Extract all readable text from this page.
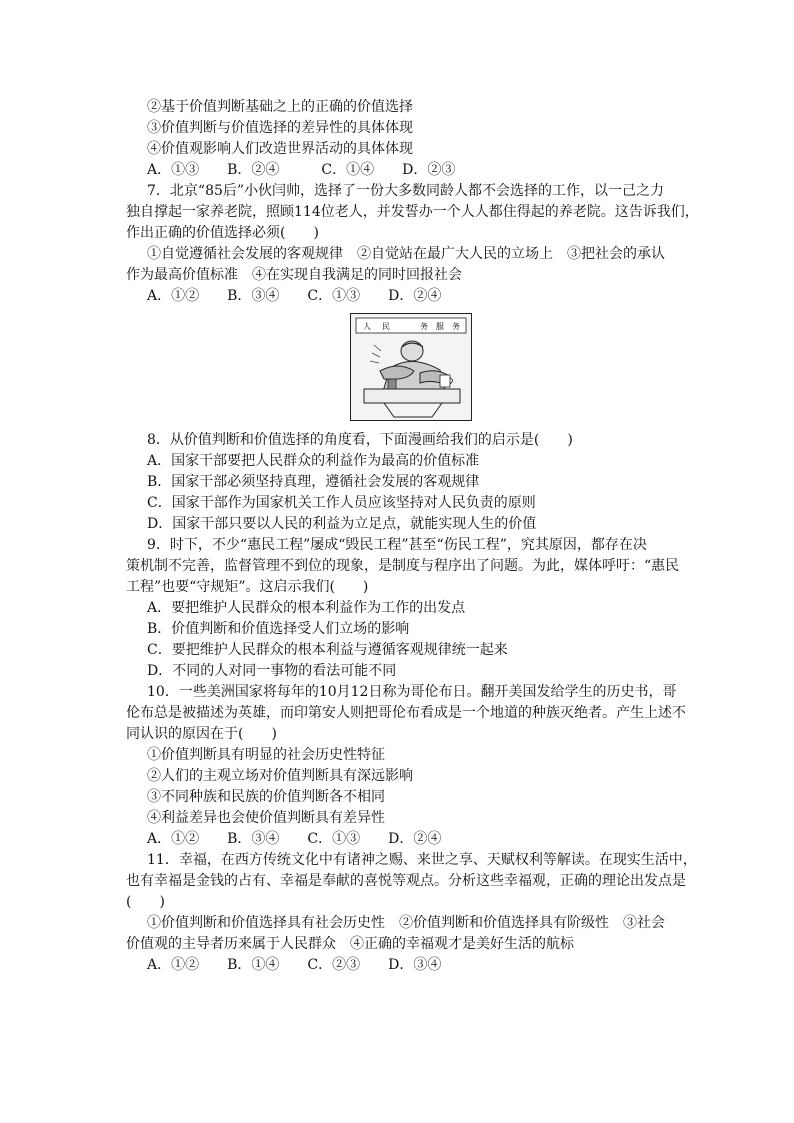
②基于价值判断基础之上的正确的价值选择
③价值判断与价值选择的差异性的具体体现
④价值观影响人们改造世界活动的具体体现
A．①③　　B．②④　　　C．①④　　D．②③
7．北京“85后”小伙闫帅，选择了一份大多数同龄人都不会选择的工作，以一己之力
独自撑起一家养老院，照顾114位老人，并发誓办一个人人都住得起的养老院。这告诉我们，
作出正确的价值选择必须(　　)
①自觉遵循社会发展的客观规律　②自觉站在最广大人民的立场上　③把社会的承认
作为最高价值标准　④在实现自我满足的同时回报社会
A．①②　　B．③④　　C．①③　　D．②④
人 民	务 服 务
8．从价值判断和价值选择的角度看，下面漫画给我们的启示是(　　)
A．国家干部要把人民群众的利益作为最高的价值标准
B．国家干部必须坚持真理，遵循社会发展的客观规律
C．国家干部作为国家机关工作人员应该坚持对人民负责的原则
D．国家干部只要以人民的利益为立足点，就能实现人生的价值
9．时下，不少“惠民工程”屡成“毁民工程”甚至“伤民工程”，究其原因，都存在决
策机制不完善，监督管理不到位的现象，是制度与程序出了问题。为此，媒体呼吁：“惠民
工程”也要“守规矩”。这启示我们(　　)
A．要把维护人民群众的根本利益作为工作的出发点
B．价值判断和价值选择受人们立场的影响
C．要把维护人民群众的根本利益与遵循客观规律统一起来
D．不同的人对同一事物的看法可能不同
10．一些美洲国家将每年的10月12日称为哥伦布日。翻开美国发给学生的历史书，哥
伦布总是被描述为英雄，而印第安人则把哥伦布看成是一个地道的种族灭绝者。产生上述不
同认识的原因在于(　　)
①价值判断具有明显的社会历史性特征
②人们的主观立场对价值判断具有深远影响
③不同种族和民族的价值判断各不相同
④利益差异也会使价值判断具有差异性
A．①②　　B．③④　　C．①③　　D．②④
11．幸福，在西方传统文化中有诸神之赐、来世之享、天赋权利等解读。在现实生活中，
也有幸福是金钱的占有、幸福是奉献的喜悦等观点。分析这些幸福观，正确的理论出发点是
(　　)
①价值判断和价值选择具有社会历史性　②价值判断和价值选择具有阶级性　③社会
价值观的主导者历来属于人民群众　④正确的幸福观才是美好生活的航标
A．①②　　B．①④　　C．②③　　D．③④
